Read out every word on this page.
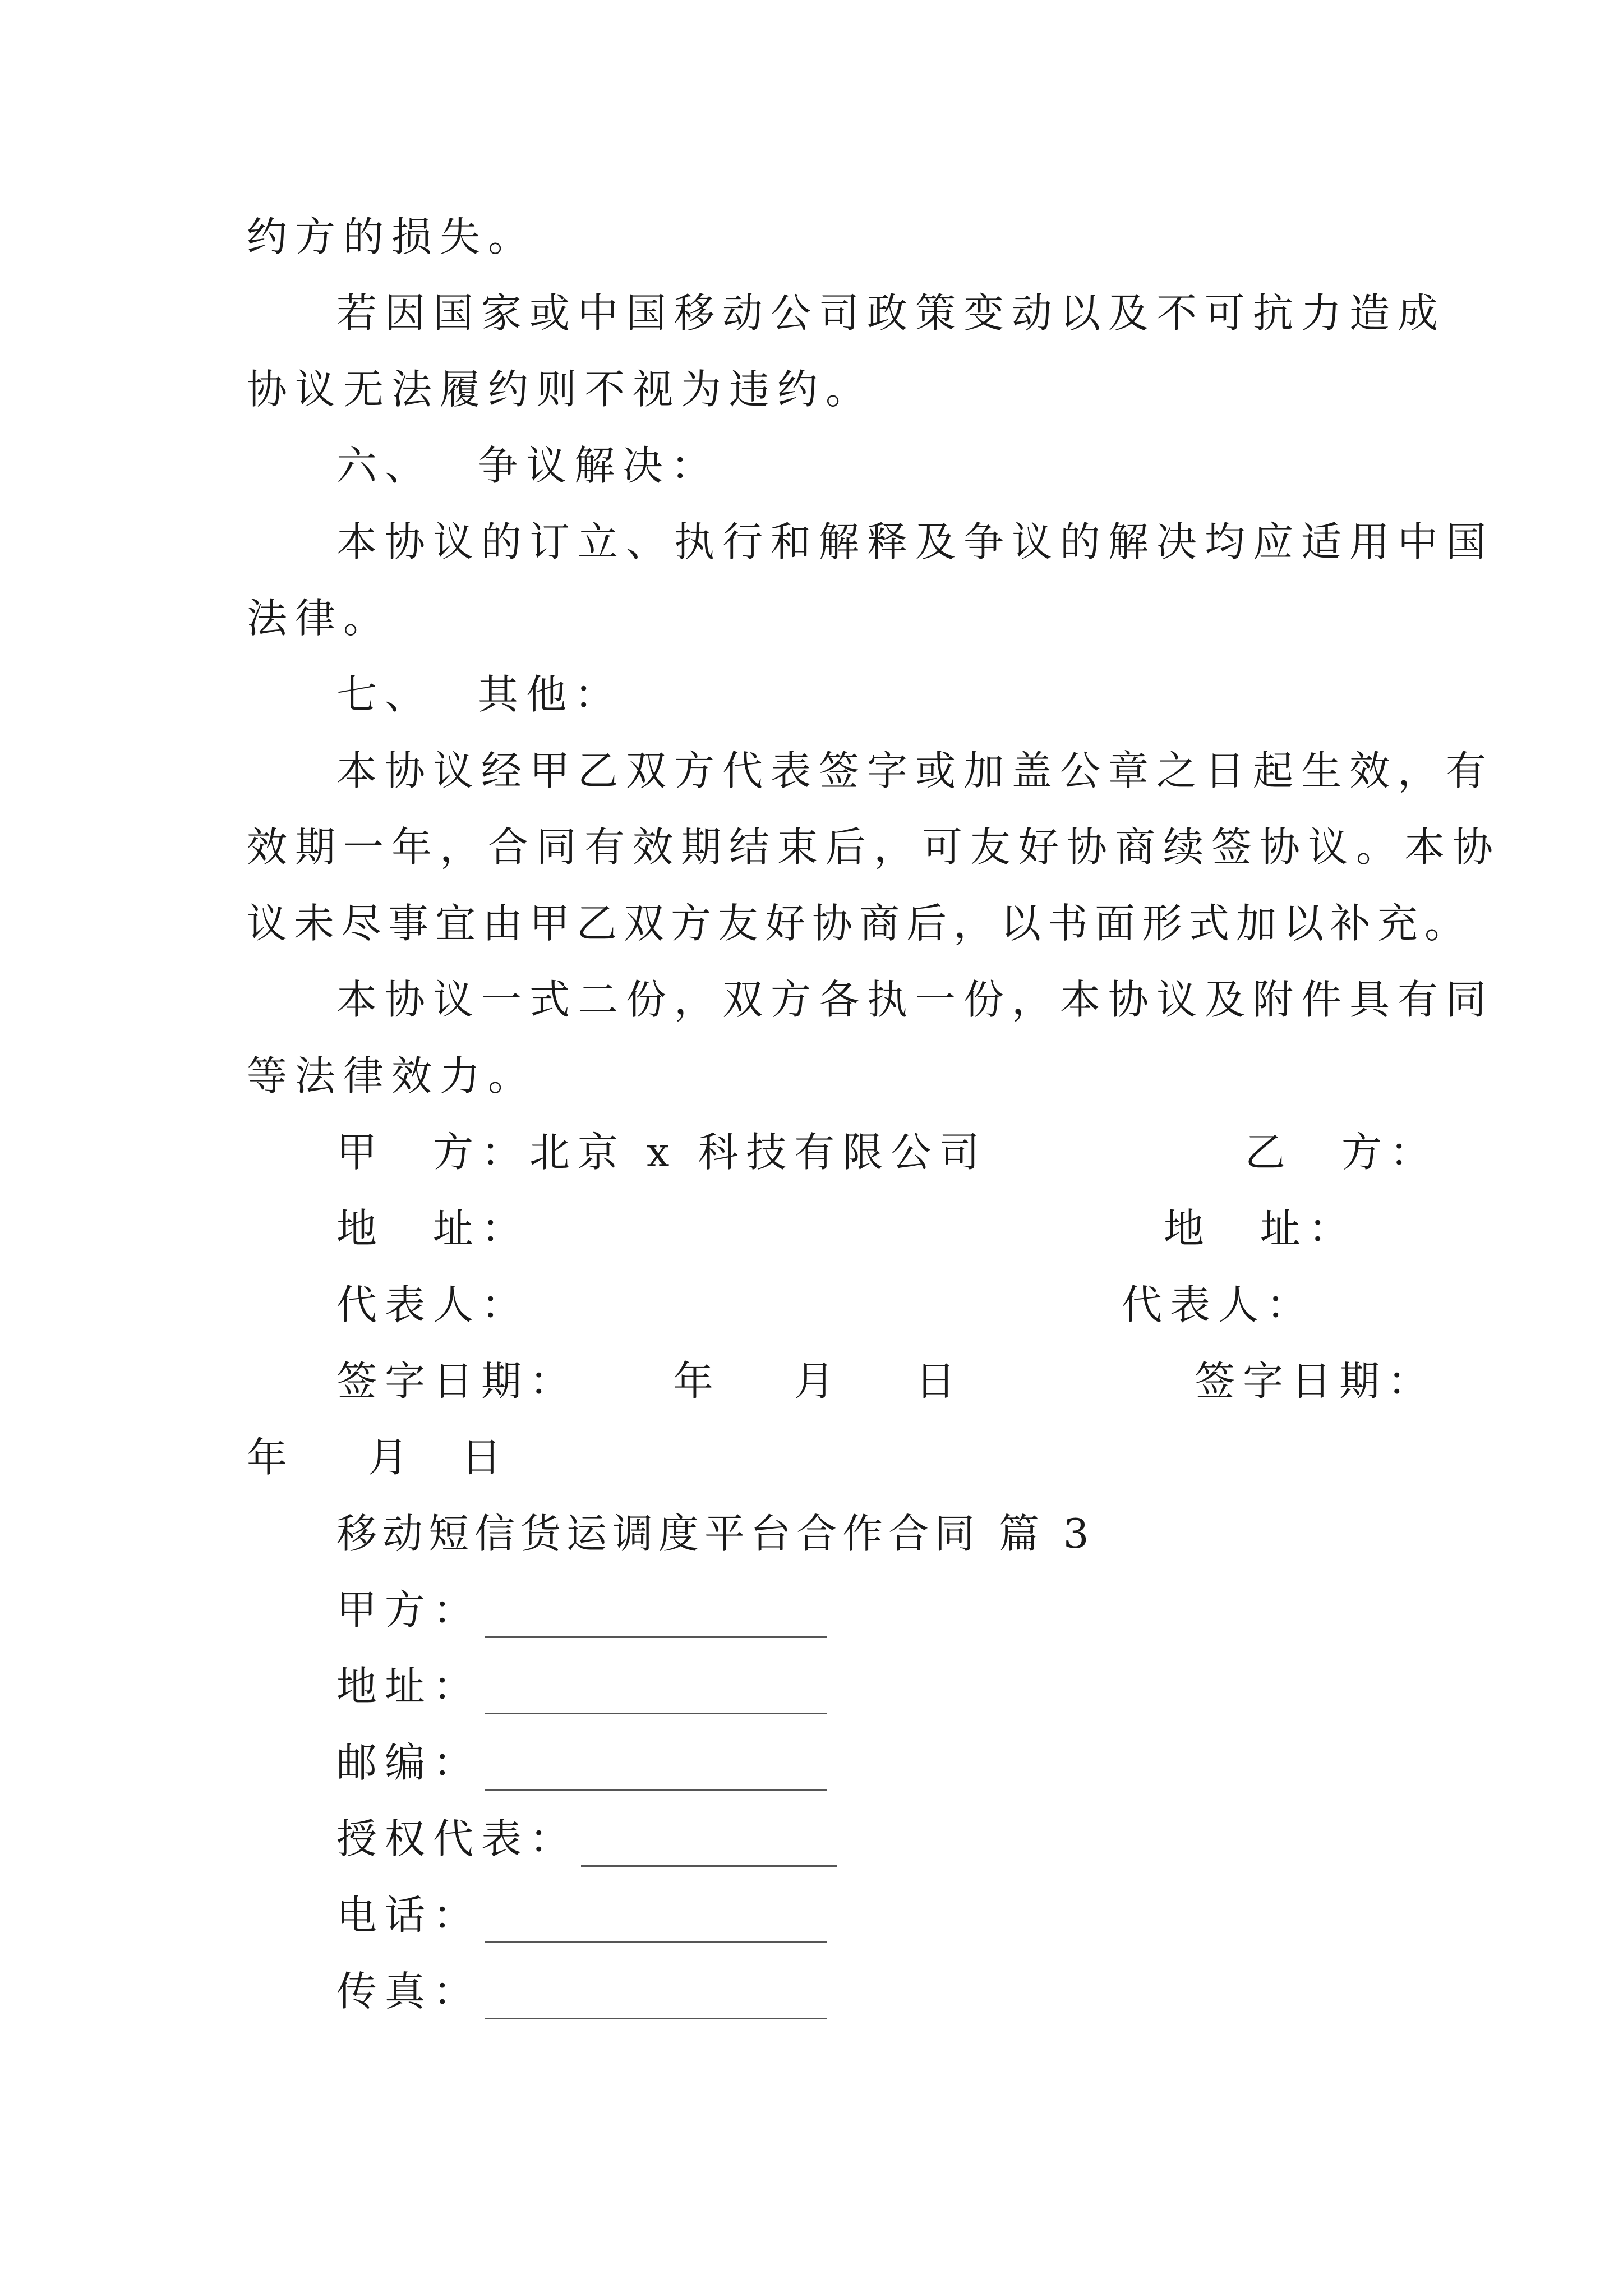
约方的损失。
若因国家或中国移动公司政策变动以及不可抗力造成
协议无法履约则不视为违约。
六、 争议解决：
本协议的订立、执行和解释及争议的解决均应适用中国
法律。
七、 其他：
本协议经甲乙双方代表签字或加盖公章之日起生效，有
效期一年，合同有效期结束后，可友好协商续签协议。本协
议未尽事宜由甲乙双方友好协商后，以书面形式加以补充。
本协议一式二份，双方各执一份，本协议及附件具有同
等法律效力。
甲　方：北京 x 科技有限公司	乙　方：
地　址：	地　址：
代表人：	代表人：
签字日期： 年 月 日	签字日期：
年 月 日
移动短信货运调度平台合作合同 篇 3
甲方：
地址：
邮编：
授权代表：
电话：
传真：
